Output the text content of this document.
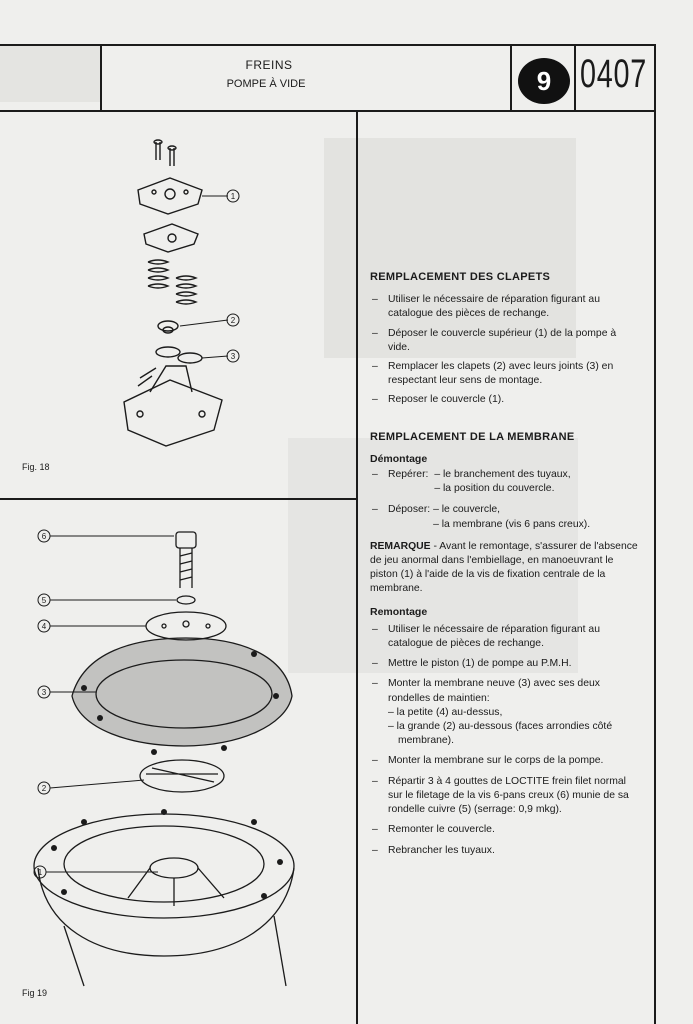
FREINS
POMPE À VIDE	9 0407
1
2
3
Fig. 18
6
5
4
3
2
1
Fig 19

REMPLACEMENT DES CLAPETS

– Utiliser le nécessaire de réparation figurant au catalogue des pièces de rechange.

– Déposer le couvercle supérieur (1) de la pompe à vide.

– Remplacer les clapets (2) avec leurs joints (3) en respectant leur sens de montage.

– Reposer le couvercle (1).

REMPLACEMENT DE LA MEMBRANE

Démontage

– Repérer: – le branchement des tuyaux,
– la position du couvercle.
– Déposer: – le couvercle,
– la membrane (vis 6 pans creux).

REMARQUE - Avant le remontage, s'assurer de l'absence de jeu anormal dans l'embiellage, en manoeuvrant le piston (1) à l'aide de la vis de fixation centrale de la membrane.

Remontage

– Utiliser le nécessaire de réparation figurant au catalogue de pièces de rechange.

– Mettre le piston (1) de pompe au P.M.H.

– Monter la membrane neuve (3) avec ses deux rondelles de maintien:

– la petite (4) au-dessus,

– la grande (2) au-dessous (faces arrondies côté membrane).

– Monter la membrane sur le corps de la pompe.

– Répartir 3 à 4 gouttes de LOCTITE frein filet normal sur le filetage de la vis 6-pans creux (6) munie de sa rondelle cuivre (5) (serrage: 0,9 mkg).

– Remonter le couvercle.

– Rebrancher les tuyaux.
